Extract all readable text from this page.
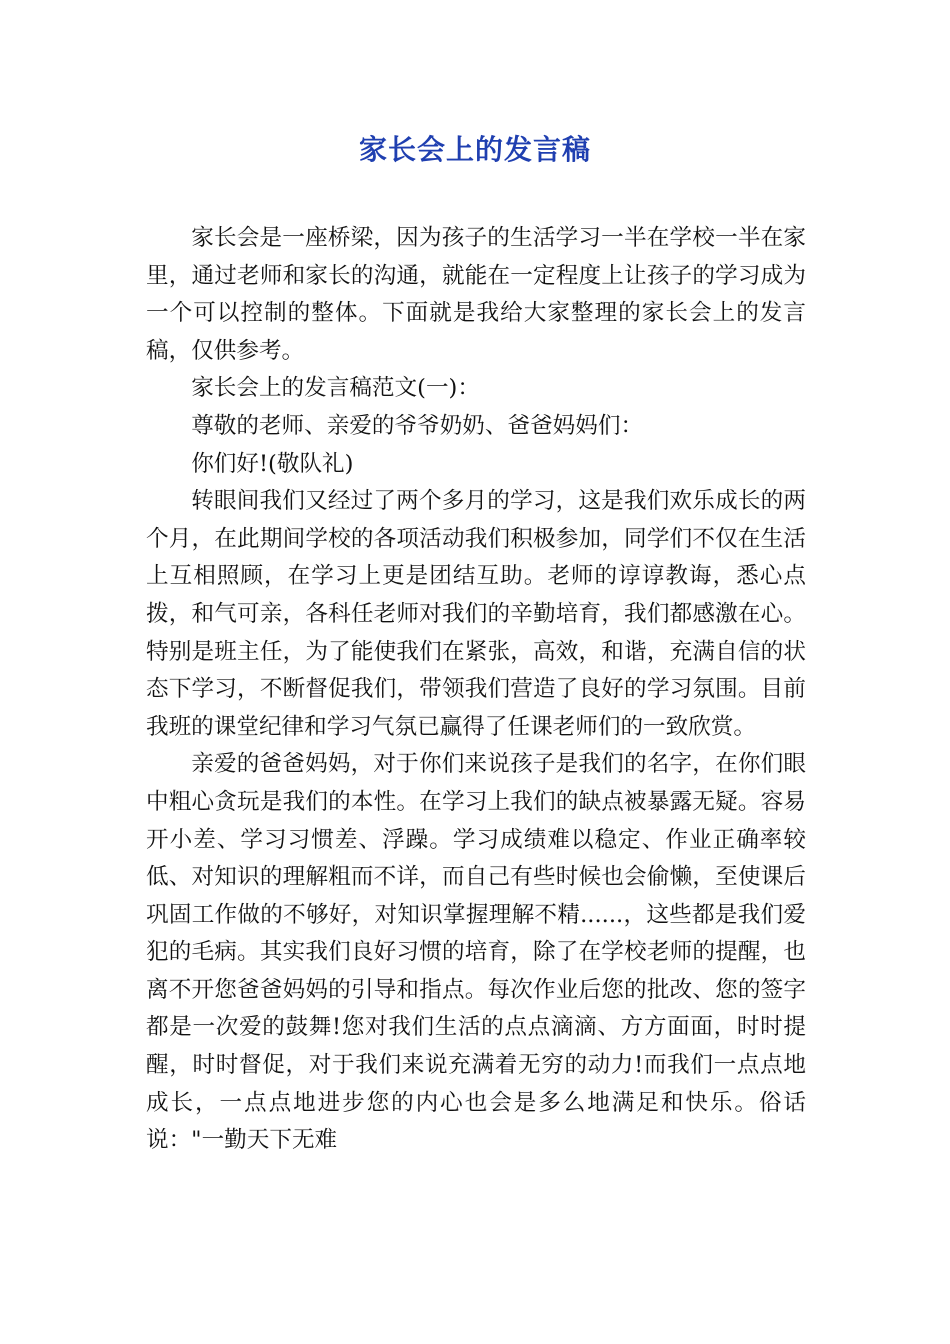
家长会上的发言稿

家长会是一座桥梁，因为孩子的生活学习一半在学校一半在家里，通过老师和家长的沟通，就能在一定程度上让孩子的学习成为一个可以控制的整体。下面就是我给大家整理的家长会上的发言稿，仅供参考。

家长会上的发言稿范文(一)：

尊敬的老师、亲爱的爷爷奶奶、爸爸妈妈们：

你们好!(敬队礼)

转眼间我们又经过了两个多月的学习，这是我们欢乐成长的两个月，在此期间学校的各项活动我们积极参加，同学们不仅在生活上互相照顾，在学习上更是团结互助。老师的谆谆教诲，悉心点拨，和气可亲，各科任老师对我们的辛勤培育，我们都感激在心。特别是班主任，为了能使我们在紧张，高效，和谐，充满自信的状态下学习，不断督促我们，带领我们营造了良好的学习氛围。目前我班的课堂纪律和学习气氛已赢得了任课老师们的一致欣赏。

亲爱的爸爸妈妈，对于你们来说孩子是我们的名字，在你们眼中粗心贪玩是我们的本性。在学习上我们的缺点被暴露无疑。容易开小差、学习习惯差、浮躁。学习成绩难以稳定、作业正确率较低、对知识的理解粗而不详，而自己有些时候也会偷懒，至使课后巩固工作做的不够好，对知识掌握理解不精......，这些都是我们爱犯的毛病。其实我们良好习惯的培育，除了在学校老师的提醒，也离不开您爸爸妈妈的引导和指点。每次作业后您的批改、您的签字都是一次爱的鼓舞!您对我们生活的点点滴滴、方方面面，时时提醒，时时督促，对于我们来说充满着无穷的动力!而我们一点点地成长，一点点地进步您的内心也会是多么地满足和快乐。俗话说："一勤天下无难
